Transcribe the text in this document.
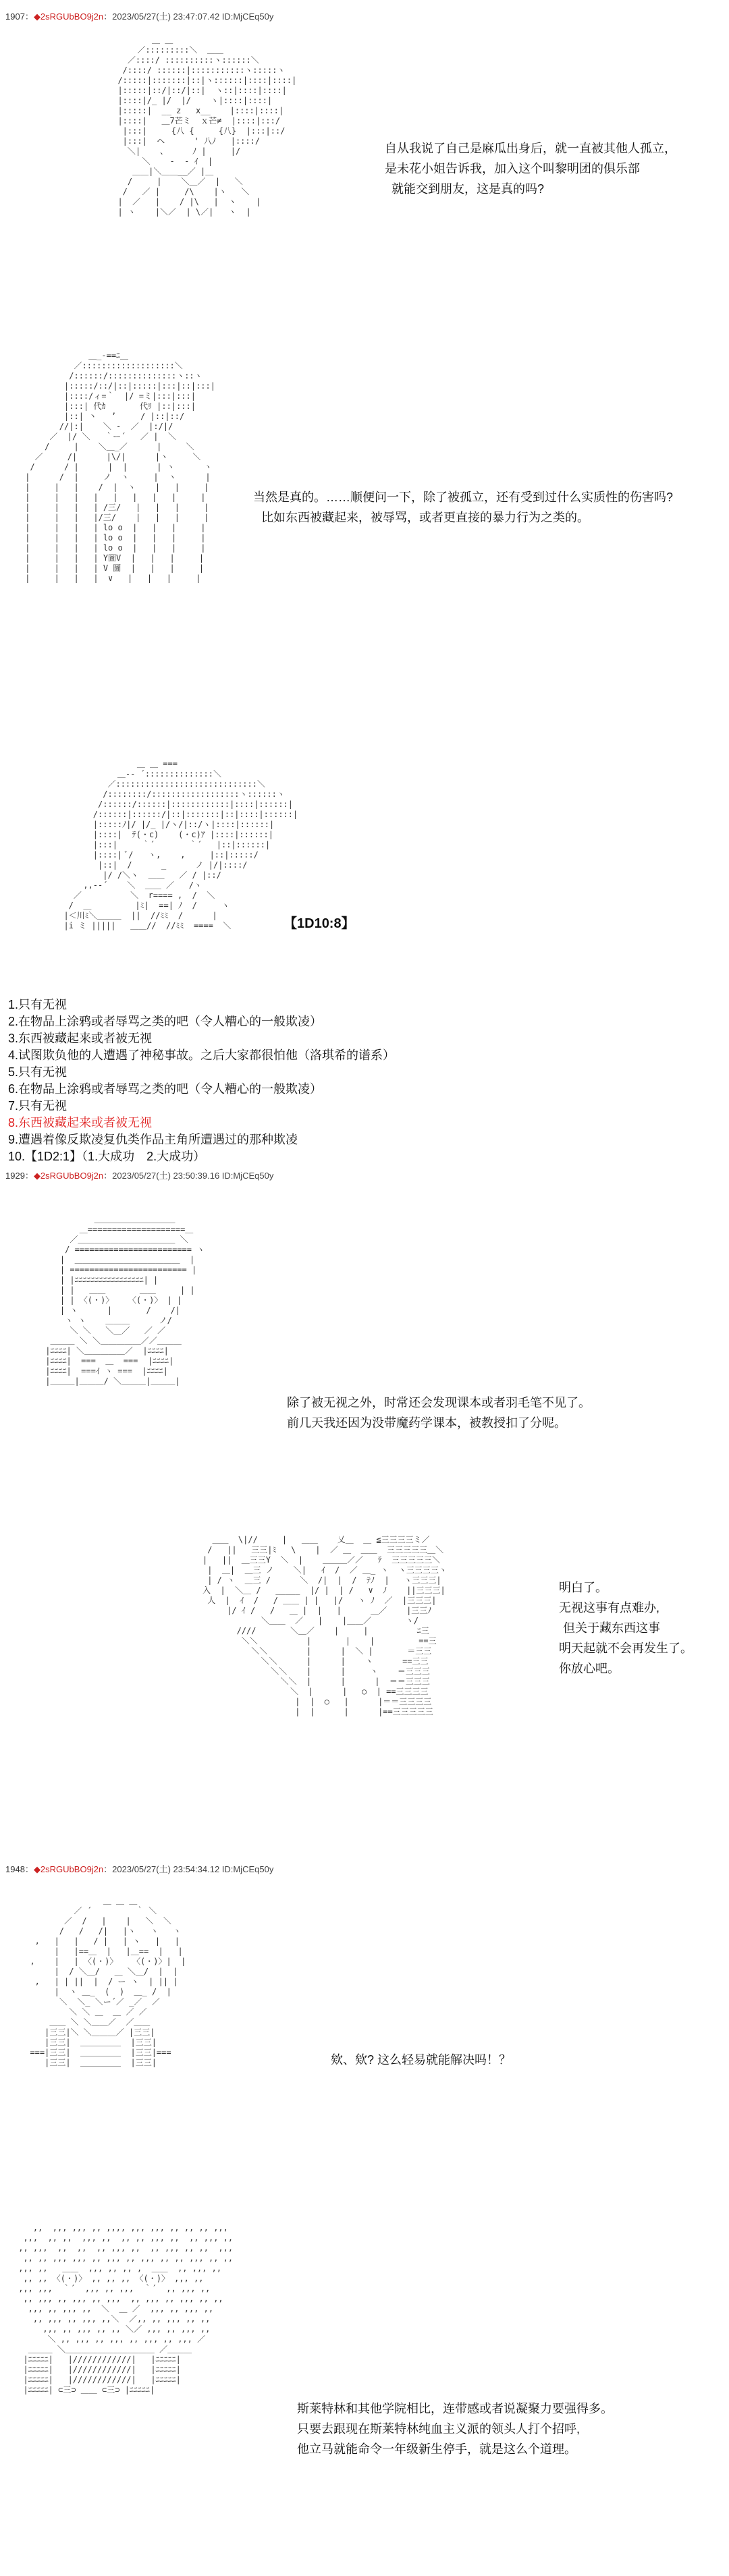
1907：◆2sRGUbBO9j2n：2023/05/27(土) 23:47:07.42 ID:MjCEq50y
＿ ＿
／:::::::::＼  ＿＿
／::::/ ::::::::::ヽ::::::＼
/::::/ ::::::|:::::::::::ヽ:::::ヽ
/:::::|:::::::|::|ヽ::::::|::::|::::|
|:::::|::/|::/|::|  ヽ::|::::|::::|
|::::|/_ |/  |/    ヽ|::::|::::|
|:::::|  __ z   x__    |::::|::::|
|::::|   ＿7芒ミ  ｘ芒≠  |::::|:::/
|:::|     {八 {     {八}  |:::|::/
|:::|  ヘ      ' 八ﾉ   |::::/
＼|    、     ﾉ |     |/
＼    -  ‐ ｲ  |
＿＿|＼＿＿__／ |＿
/     |    ＼＿／  |   ＼
/   ／ |     /\    |ヽ   ＼
|  ／   |    / |\   |  ヽ    |
| ヽ    |＼／  | \／|   ヽ  |

自从我说了自己是麻瓜出身后，就一直被其他人孤立，

是未花小姐告诉我，加入这个叫黎明团的俱乐部

就能交到朋友，这是真的吗?

＿_-==ﾆ＿
／:::::::::::::::::::＼
/::::::/::::::::::::::ヽ::ヽ
|:::::/::/|::|:::::|:::|::|:::|
|::::/ィ=｀  |/ =ミ|:::|:::|
|:::| 代ｶ       代ﾘ |::|:::|
|::| 丶   ’     / |::|::/
//|:|    ＼ -  ／  |:/|/
／  |/ ＼   ｀ー´   ／ |  ＼
/     |    ＼＿_／      |     ＼
／     /|      |\/|      |ヽ     ＼
/      / |      |  |      | ヽ      ヽ
|      /  |     ノ  ヽ     |  ヽ      |
|     |   |    /  |  ヽ    |   |     |
|     |   |   |   |   |   |   |     |
|     |   |   | /三/   |   |   |     |
|     |   |   |/三/    |   |   |     |
|     |   |   | lo o  |   |   |     |
|     |   |   | lo o  |   |   |     |
|     |   |   | lo o  |   |   |     |
|     |   |   | Y圖V  |   |   |     |
|     |   |   | V 圖  |   |   |     |
|     |   |   |  ∨   |   |   |     |

当然是真的。……顺便问一下，除了被孤立，还有受到过什么实质性的伤害吗?

比如东西被藏起来，被辱骂，或者更直接的暴力行为之类的。

＿ ＿ ===
＿-‐ ´::::::::::::::＼
／:::::::::::::::::::::::::::::＼
/::::::::/::::::::::::::::::ヽ::::::ヽ
/::::::/::::::|::::::::::::|::::|::::::|
/::::::|::::::/|::|:::::::|::|::::|::::::|
|:::::ﾉ|/ |/_ |/ヽ/|::/ヽ|::::|::::::|
|::::|  ﾃ(・c)    (・c)ｱ |::::|::::::|
|:::|     ｀´       ｀´   |::|::::::|
|::::| ﾞ/   ヽ,    ,     |::|:::::/
|::|  /      _      ノ |/|::::/
|/ /＼ヽ  ＿＿   ／ / |::/
,,-‐´    ＼  ＿＿ ／   /ヽ
／          ＼  r==== ,  /  ＼
/  ＿         |ﾐ|  ==| ﾉ  /     ヽ
|＜川ﾐ＼＿＿＿  ||  //ﾐﾐ  /      |
|i ミ |||||   ＿＿//  //ﾐﾐ  ====  ＼	【1D10:8】
1.只有无视
2.在物品上涂鸦或者辱骂之类的吧（令人糟心的一般欺凌）
3.东西被藏起来或者被无视
4.试图欺负他的人遭遇了神秘事故。之后大家都很怕他（洛琪希的谱系）
5.只有无视
6.在物品上涂鸦或者辱骂之类的吧（令人糟心的一般欺凌）
7.只有无视
8.东西被藏起来或者被无视
9.遭遇着像反欺凌复仇类作品主角所遭遇过的那种欺凌
10.【1D2:1】（1.大成功　2.大成功）
1929：◆2sRGUbBO9j2n：2023/05/27(土) 23:50:39.16 ID:MjCEq50y
＿＿＿＿＿＿＿＿＿＿
＿====================＿
／＿＿＿＿＿＿＿＿＿＿＿＿ ＼
/ ======================== ヽ
|  ＿＿＿＿＿＿＿＿＿＿＿＿＿  |
| ======================== |
| |ﾆﾆﾆﾆﾆﾆﾆﾆﾆﾆﾆﾆﾆﾆﾆﾆﾆ| |
| |   ＿＿       ＿＿     | |
| | 〈(・)〉   〈(・)〉 | |
| ヽ      |       /    /|
ヽ ヽ    ＿＿＿      ノ/
＼ ＼   ＼＿／   ／ ／
＿＿＿ ＼ ＼＿＿＿＿＿／／＿＿＿
|ﾆﾆﾆﾆ| ＼＿＿＿＿＿／  |ﾆﾆﾆﾆ|
|ﾆﾆﾆﾆ|  ===  ＿  ===  |ﾆﾆﾆﾆ|
|ﾆﾆﾆﾆ|  ===ｲ ヽ ===  |ﾆﾆﾆﾆ|
|＿＿＿|＿＿＿/ ＼＿＿＿|＿＿＿|

除了被无视之外，时常还会发现课本或者羽毛笔不见了。

前几天我还因为没带魔药学课本，被教授扣了分呢。

＿＿  \|//     |   ＿＿    乂＿  ＿ ≦三三三三ミ／
/   ||   三三|ﾐ   \    |  ／ ＿  ＿＿  三三三三三＿＼
|   ||  ＿三三Y  ＼  |    ＿＿＿／／   ﾃ  三三三三三＼
|  ＿|  ＿三 ノ    ＼|   ｲ  /  ／ ＿_ ヽ  ヽ三三三三ヽ
| / ヽ  ＿三 /      ＼  /|  |  /  ﾃﾉ  |   ヽ三三三|
入  |  ＼＿ /   _____  |/ |  | /   ∨  ﾉ    ||三三三|
人  |  ｲ  /   / ＿＿ | |   |/   ヽ ﾉ  ／  |三三三|
|/ ｲ /   /   ＿ |  |   |      ＿／    |三三ﾉ
＼＿＿  ／   |    |＿＿／       ヽ/
////       ＼＿／    |     |          ﾆ三
＼＼          |       |    |         ==三
＼＼        |      |  ＼ |       ＝三三
＼＼      |      |    ヽ      ==三三
＼＼    |      |     ヽ    ＝三三三
＼＼  |      |      |  ＝＝三三三
＼  |      |   ○  | ==三三三三
|  |  ○   |      |＝＝三三三三
|  |      |      |==三三三三三

明白了。

无视这事有点难办,

但关于藏东西这事

明天起就不会再发生了。

你放心吧。

1948：◆2sRGUbBO9j2n：2023/05/27(土) 23:54:34.12 ID:MjCEq50y
＿ ＿ ＿
／ ´         ｀ ＼
／  /   |    |   ＼  ＼
/   /   /|   |ヽ   ヽ   ヽ
,   |   |   / |   | ヽ   |   |
|   |==＿  |   |＿==  |   |
,    |   | 〈(・)〉   〈(・)〉|  |
|  / ＼＿/   ＿ ＼＿/  |  |
,   | | ||  |  / ー ヽ  | || |
|  ヽ ＿_  (  )  ＿_ /  |
＼  ＼_ ＼ー´／ _／  ／
＼ ＼ ＿  ＿ ／ ／
＿＿ ＼ ＼＿＿／  ／＿＿
|三三|＼ ＼＿＿＿／ |三三|
|三三|  ＿＿＿＿＿  |三三|
===|三三|  ＿＿＿＿＿  |三三|===
|三三|  ＿＿＿＿＿  |三三|	欸、欸? 这么轻易就能解决吗！？

,,  ,,, ,,, ,, ,,,, ,,, ,,, ,, ,, ,, ,,,
,,,  ,, ,,  ,,, ,,  ,, ,, ,,, ,,  ,, ,,, ,,
,, ,,,  ,,  ,,  ,, ,,, ,,  ,, ,,, ,, ,,  ,,,
,, ,, ,,, ,,, ,, ,,, ,, ,,, ,, ,, ,,, ,, ,,
,,, ,,   ＿＿  ,,, ,, ,, ,  ＿＿  ,, ,,, ,,
,, ,, 〈(・)〉 ,, ,, ,, 〈(・)〉 ,,, ,,
,,, ,,,  ｀´  ,,, ,, ,,,  ｀´  ,, ,,, ,,
,, ,,, ,, ,,, ,, ,,,  ,, ,,, ,, ,,, ,, ,,
,,, ,, ,,, ,,  ＼  ＿ ／  ,,, ,, ,,, ,,
,, ,,, ,, ,,, ,,＼  ／,, ,, ,,, ,, ,,
,,, ,, ,,, ,, ,, ＼／ ,,, ,, ,,, ,,
＼ ,, ,,, ,, ,,, ,, ,,, ,, ,,, ／
＿＿＿ ＼＿＿＿＿＿＿＿＿＿＿＿ ／＿＿＿
|ﾆﾆﾆﾆﾆ|   |////////////|   |ﾆﾆﾆﾆﾆ|
|ﾆﾆﾆﾆﾆ|   |////////////|   |ﾆﾆﾆﾆﾆ|
|ﾆﾆﾆﾆﾆ|   |////////////|   |ﾆﾆﾆﾆﾆ|
|ﾆﾆﾆﾆﾆ| ⊂三⊃ ＿＿ ⊂三⊃ |ﾆﾆﾆﾆﾆ|

斯莱特林和其他学院相比，连带感或者说凝聚力要强得多。

只要去跟现在斯莱特林纯血主义派的领头人打个招呼,

他立马就能命令一年级新生停手，就是这么个道理。
